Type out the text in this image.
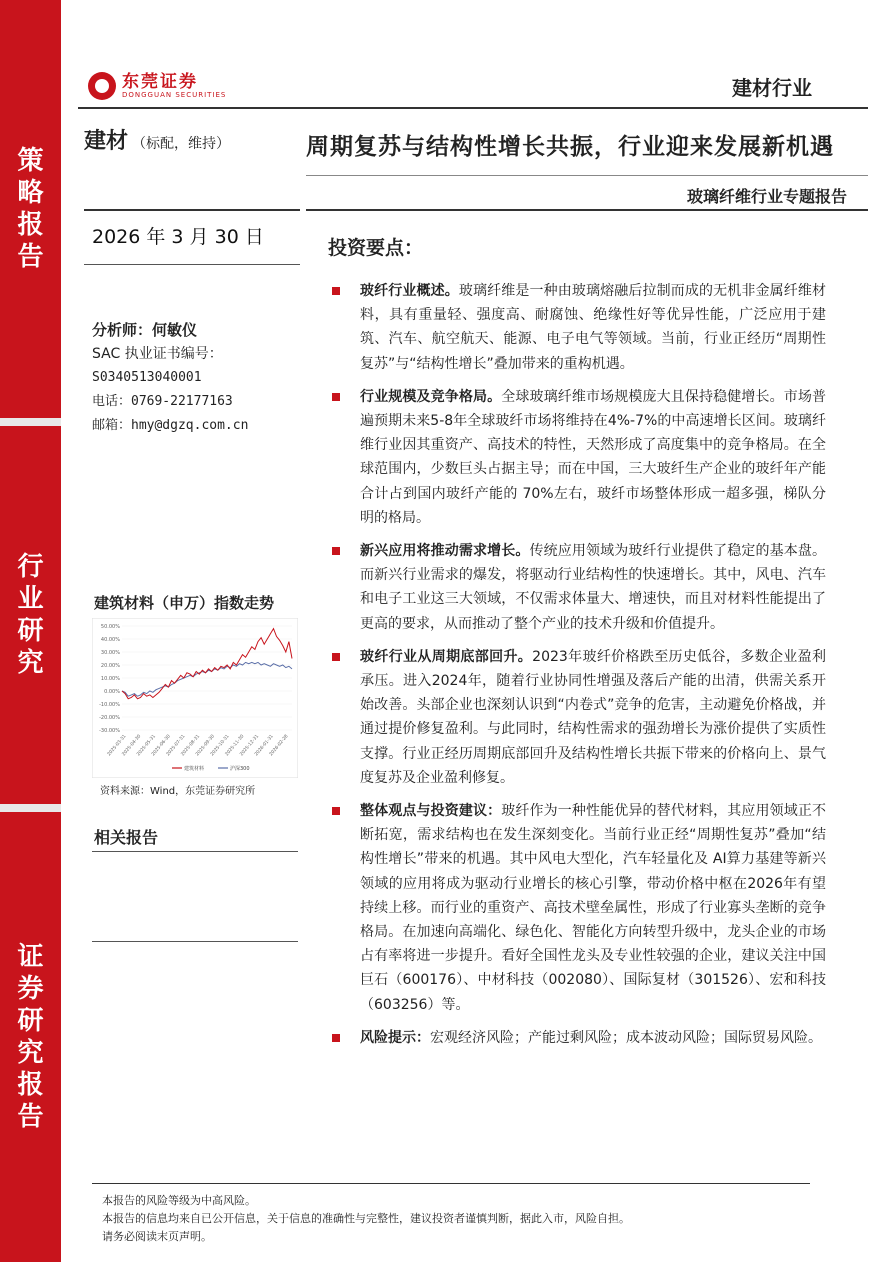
策
略
报
告
行
业
研
究
证
券
研
究
报
告
东莞证券
DONGGUAN SECURITIES	建材行业
建材 （标配，维持）	周期复苏与结构性增长共振，行业迎来发展新机遇
玻璃纤维行业专题报告
2026 年 3 月 30 日
分析师：何敏仪
SAC 执业证书编号：
S0340513040001
电话：0769-22177163
邮箱：hmy@dgzq.com.cn
建筑材料（申万）指数走势
50.00%
40.00%
30.00%
20.00%
10.00%
0.00%
-10.00%
-20.00%
-30.00%
2025-03-31
2025-04-30
2025-05-31
2025-06-30
2025-07-31
2025-08-31
2025-09-30
2025-10-31
2025-11-30
2025-12-31
2026-01-31
2026-02-28
建筑材料	沪深300
资料来源：Wind，东莞证券研究所
相关报告
投资要点：
玻纤行业概述。玻璃纤维是一种由玻璃熔融后拉制而成的无机非金属纤维材料，具有重量轻、强度高、耐腐蚀、绝缘性好等优异性能，广泛应用于建筑、汽车、航空航天、能源、电子电气等领域。当前，行业正经历“周期性复苏”与“结构性增长”叠加带来的重构机遇。
行业规模及竞争格局。全球玻璃纤维市场规模庞大且保持稳健增长。市场普遍预期未来5-8年全球玻纤市场将维持在4%-7%的中高速增长区间。玻璃纤维行业因其重资产、高技术的特性，天然形成了高度集中的竞争格局。在全球范围内，少数巨头占据主导；而在中国，三大玻纤生产企业的玻纤年产能合计占到国内玻纤产能的 70%左右，玻纤市场整体形成一超多强，梯队分明的格局。
新兴应用将推动需求增长。传统应用领域为玻纤行业提供了稳定的基本盘。而新兴行业需求的爆发，将驱动行业结构性的快速增长。其中，风电、汽车和电子工业这三大领域，不仅需求体量大、增速快，而且对材料性能提出了更高的要求，从而推动了整个产业的技术升级和价值提升。
玻纤行业从周期底部回升。2023年玻纤价格跌至历史低谷，多数企业盈利承压。进入2024年，随着行业协同性增强及落后产能的出清，供需关系开始改善。头部企业也深刻认识到“内卷式”竞争的危害，主动避免价格战，并通过提价修复盈利。与此同时，结构性需求的强劲增长为涨价提供了实质性支撑。行业正经历周期底部回升及结构性增长共振下带来的价格向上、景气度复苏及企业盈利修复。
整体观点与投资建议：玻纤作为一种性能优异的替代材料，其应用领域正不断拓宽，需求结构也在发生深刻变化。当前行业正经“周期性复苏”叠加“结构性增长”带来的机遇。其中风电大型化，汽车轻量化及 AI算力基建等新兴领域的应用将成为驱动行业增长的核心引擎，带动价格中枢在2026年有望持续上移。而行业的重资产、高技术壁垒属性，形成了行业寡头垄断的竞争格局。在加速向高端化、绿色化、智能化方向转型升级中，龙头企业的市场占有率将进一步提升。看好全国性龙头及专业性较强的企业，建议关注中国巨石（600176）、中材科技（002080）、国际复材（301526）、宏和科技（603256）等。
风险提示：宏观经济风险；产能过剩风险；成本波动风险；国际贸易风险。
本报告的风险等级为中高风险。
本报告的信息均来自已公开信息，关于信息的准确性与完整性，建议投资者谨慎判断，据此入市，风险自担。
请务必阅读末页声明。
